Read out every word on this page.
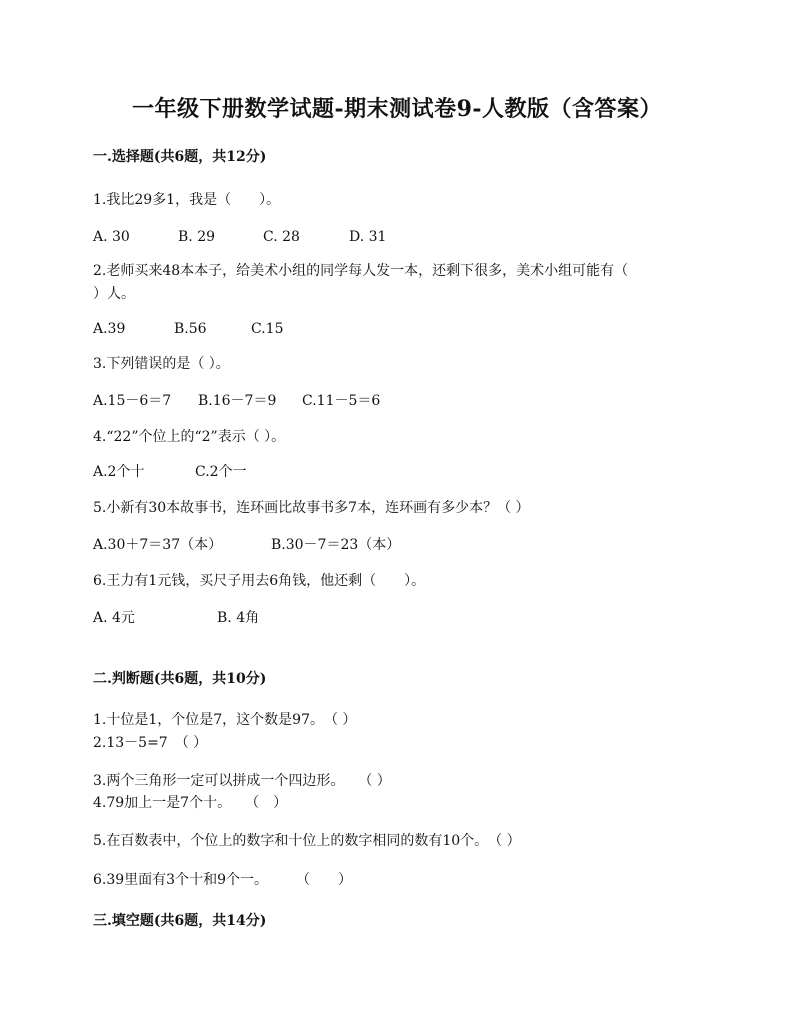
一年级下册数学试题-期末测试卷9-人教版（含答案）
一.选择题(共6题，共12分)
1.我比29多1，我是（　　）。
A. 30	B. 29	C. 28	D. 31
2.老师买来48本本子，给美术小组的同学每人发一本，还剩下很多，美术小组可能有（
）人。
A.39	B.56	C.15
3.下列错误的是（ ）。
A.15－6＝7 B.16－7＝9 C.11－5＝6
4.“22”个位上的“2”表示（ ）。
A.2个十	C.2个一
5.小新有30本故事书，连环画比故事书多7本，连环画有多少本？（ ）
A.30＋7＝37（本）	B.30－7＝23（本）
6.王力有1元钱，买尺子用去6角钱，他还剩（　　）。
A. 4元	B. 4角
二.判断题(共6题，共10分)
1.十位是1，个位是7，这个数是97。　（ ）
2.13－5=7　（ ）
3.两个三角形一定可以拼成一个四边形。　　（ ）
4.79加上一是7个十。　　（　）
5.在百数表中，个位上的数字和十位上的数字相同的数有10个。　（ ）
6.39里面有3个十和9个一。　　　（　　）
三.填空题(共6题，共14分)
